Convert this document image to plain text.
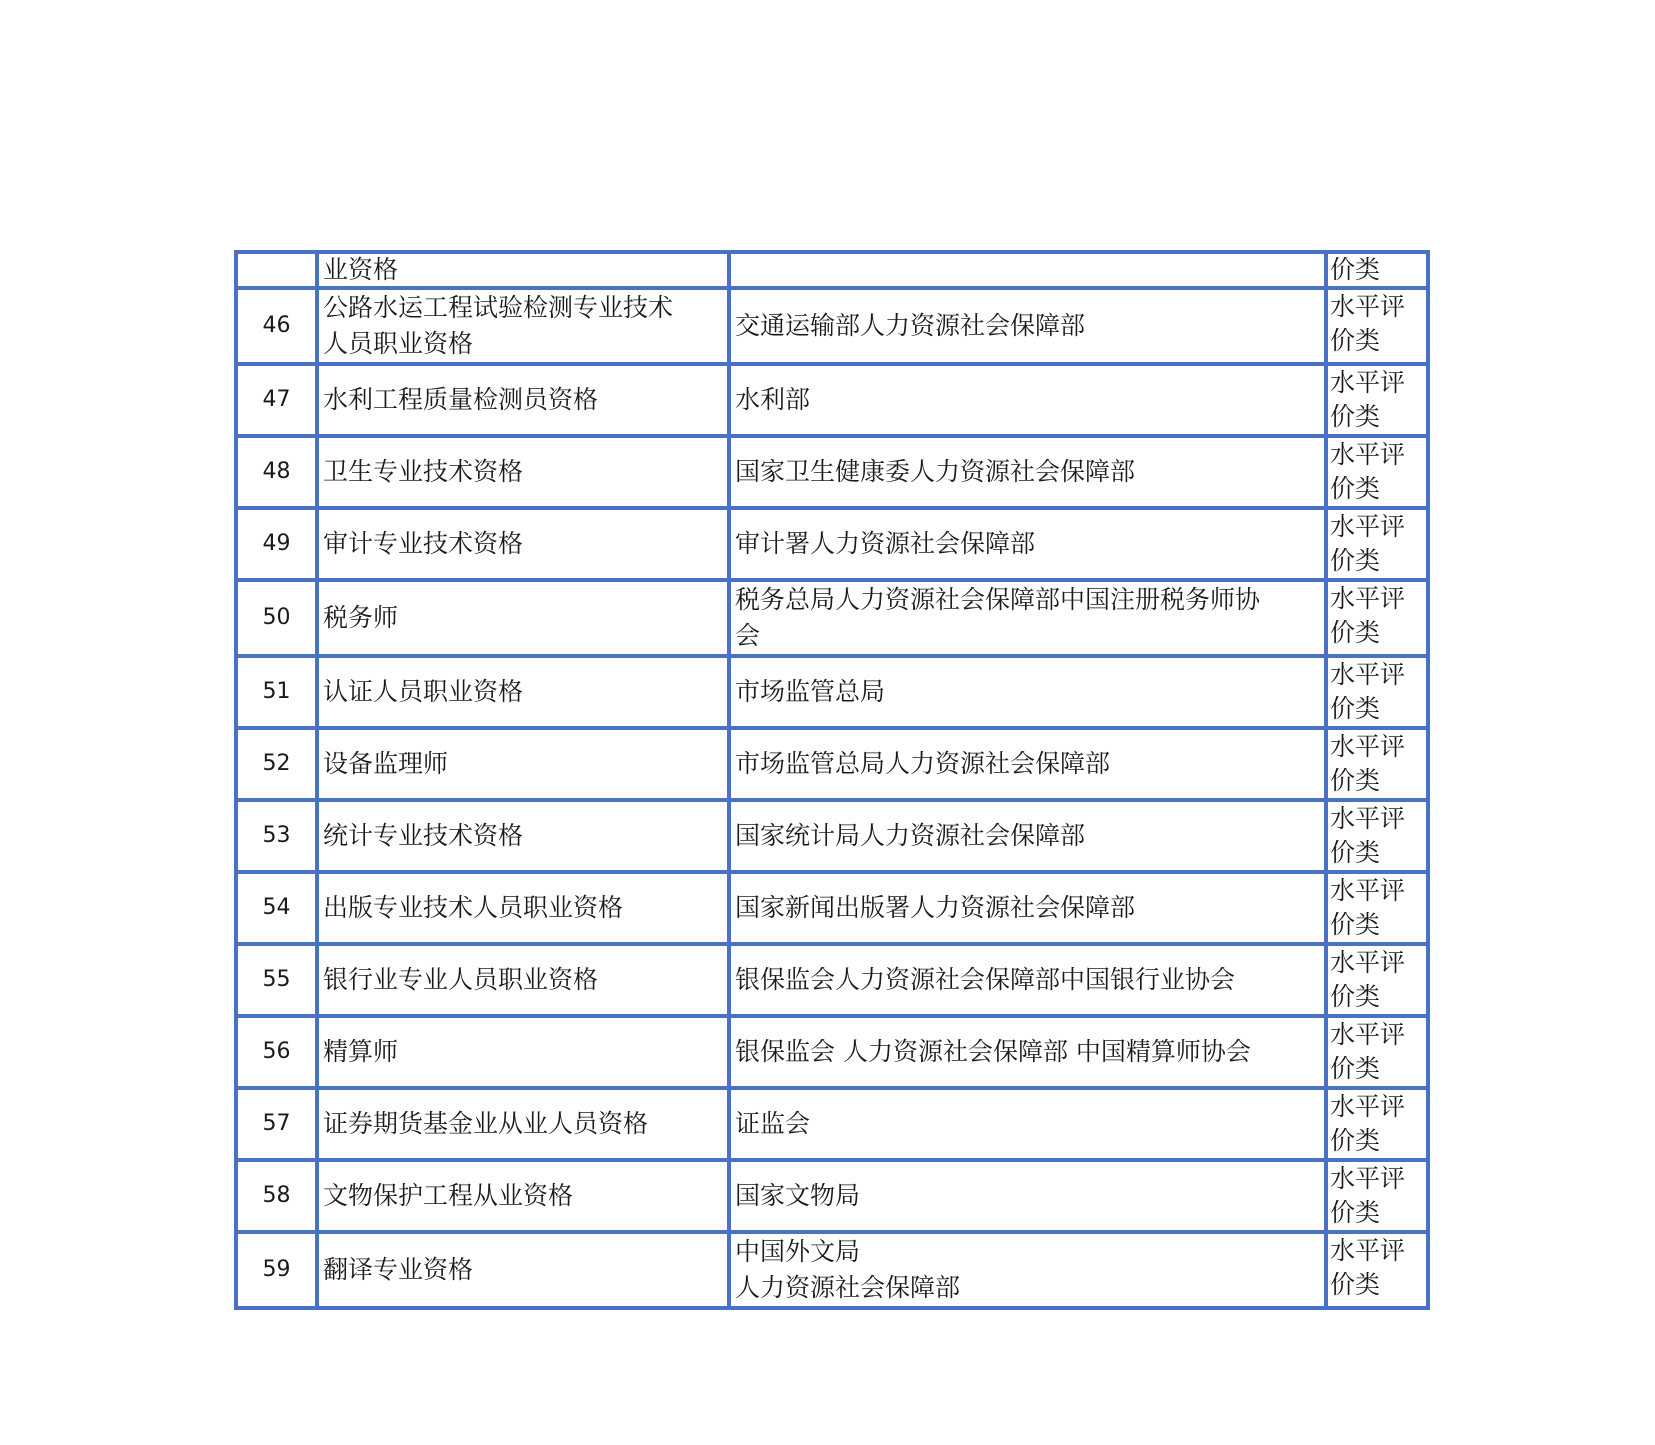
	业资格		价类

46	公路水运工程试验检测专业技术
人员职业资格	交通运输部人力资源社会保障部	水平评
价类

47	水利工程质量检测员资格	水利部	水平评
价类

48	卫生专业技术资格	国家卫生健康委人力资源社会保障部	水平评
价类

49	审计专业技术资格	审计署人力资源社会保障部	水平评
价类

50	税务师	税务总局人力资源社会保障部中国注册税务师协
会	水平评
价类

51	认证人员职业资格	市场监管总局	水平评
价类

52	设备监理师	市场监管总局人力资源社会保障部	水平评
价类

53	统计专业技术资格	国家统计局人力资源社会保障部	水平评
价类

54	出版专业技术人员职业资格	国家新闻出版署人力资源社会保障部	水平评
价类

55	银行业专业人员职业资格	银保监会人力资源社会保障部中国银行业协会	水平评
价类

56	精算师	银保监会 人力资源社会保障部 中国精算师协会	水平评
价类

57	证券期货基金业从业人员资格	证监会	水平评
价类

58	文物保护工程从业资格	国家文物局	水平评
价类

59	翻译专业资格	中国外文局
人力资源社会保障部	水平评
价类
